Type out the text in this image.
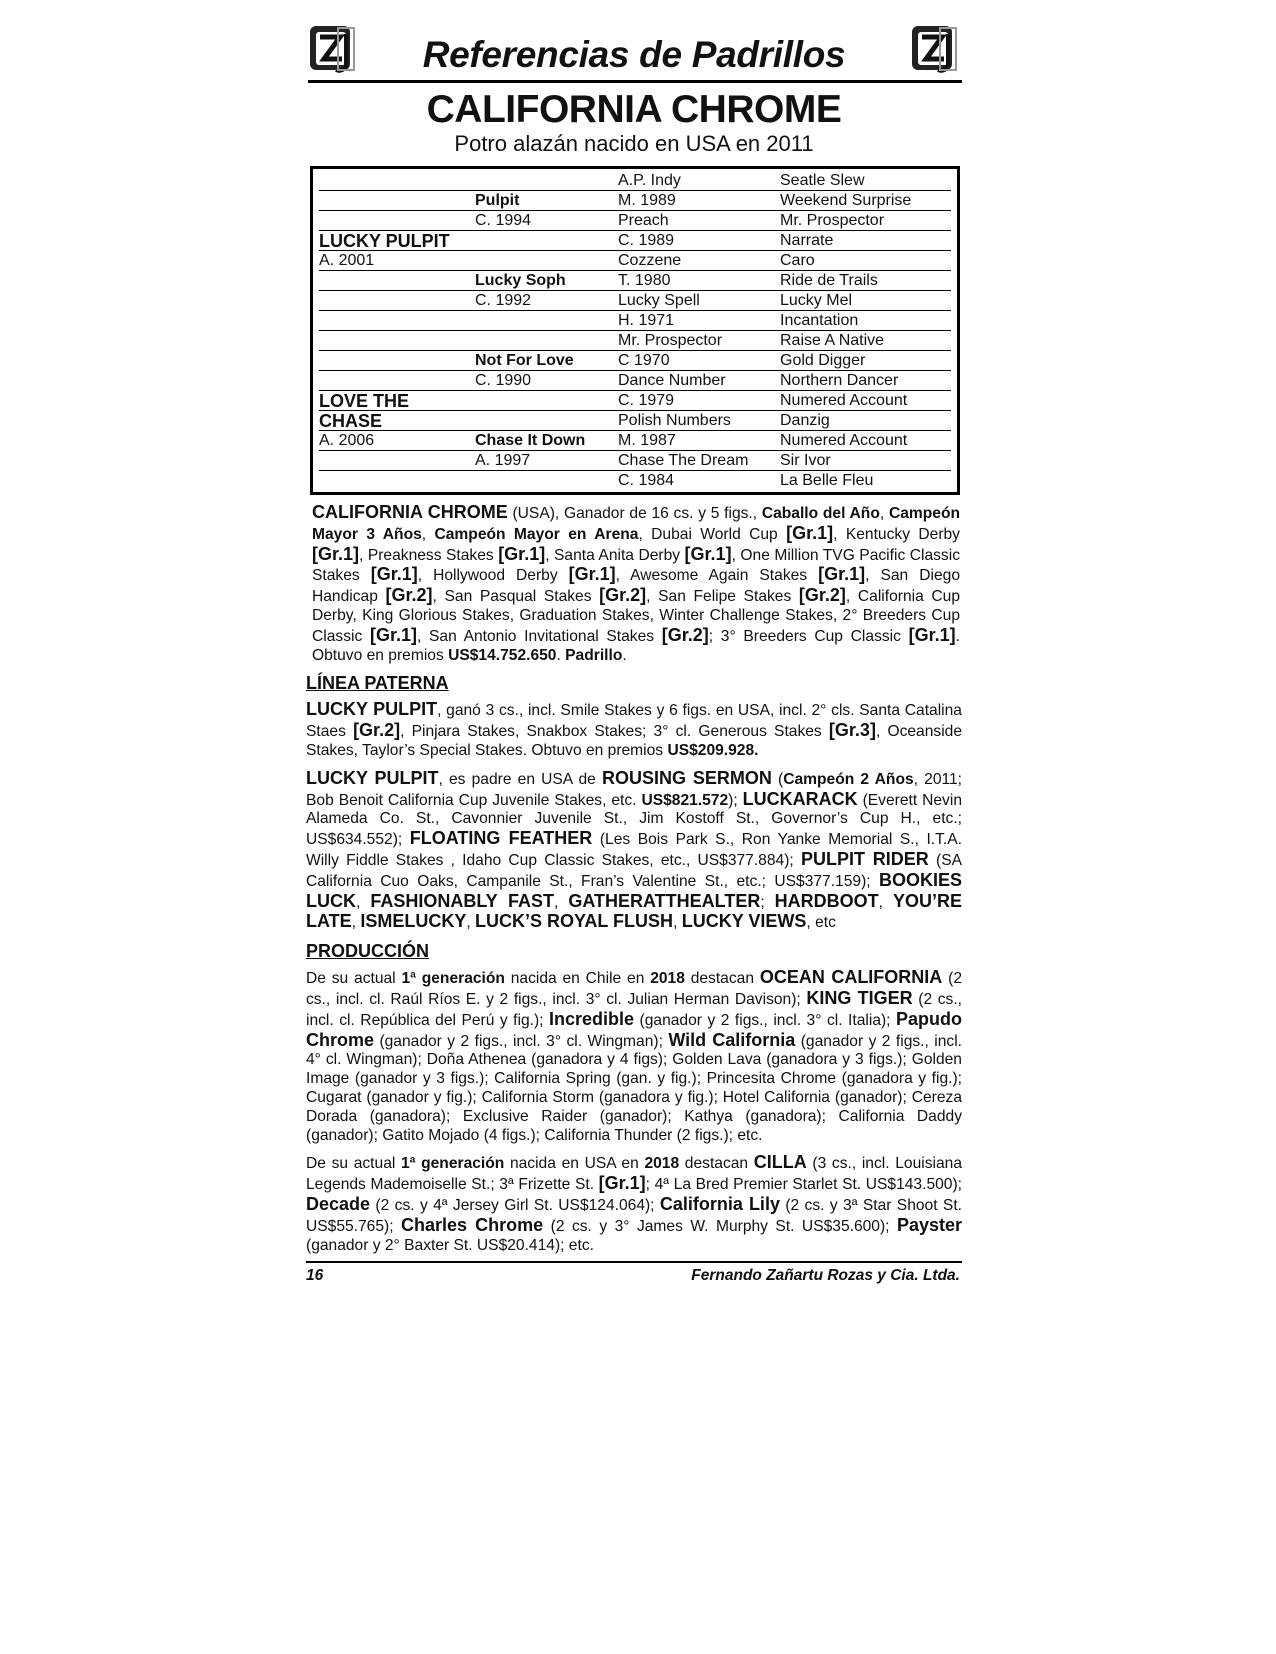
Referencias de Padrillos
CALIFORNIA CHROME
Potro alazán nacido en USA en 2011
		A.P. Indy	Seatle Slew
	Pulpit	M. 1989	Weekend Surprise
	C. 1994	Preach	Mr. Prospector
LUCKY PULPIT		C. 1989	Narrate
A. 2001		Cozzene	Caro
	Lucky Soph	T. 1980	Ride de Trails
	C. 1992	Lucky Spell	Lucky Mel
		H. 1971	Incantation
		Mr. Prospector	Raise A Native
	Not For Love	C 1970	Gold Digger
	C. 1990	Dance Number	Northern Dancer
LOVE THE		C. 1979	Numered Account
CHASE		Polish Numbers	Danzig
A. 2006	Chase It Down	M. 1987	Numered Account
	A. 1997	Chase The Dream	Sir Ivor
		C. 1984	La Belle Fleu

CALIFORNIA CHROME (USA), Ganador de 16 cs. y 5 figs., Caballo del Año, Campeón Mayor 3 Años, Campeón Mayor en Arena, Dubai World Cup [Gr.1], Kentucky Derby [Gr.1], Preakness Stakes [Gr.1], Santa Anita Derby [Gr.1], One Million TVG Pacific Classic Stakes [Gr.1], Hollywood Derby [Gr.1], Awesome Again Stakes [Gr.1], San Diego Handicap [Gr.2], San Pasqual Stakes [Gr.2], San Felipe Stakes [Gr.2], California Cup Derby, King Glorious Stakes, Graduation Stakes, Winter Challenge Stakes, 2° Breeders Cup Classic [Gr.1], San Antonio Invitational Stakes [Gr.2]; 3° Breeders Cup Classic [Gr.1]. Obtuvo en premios US$14.752.650. Padrillo.

LÍNEA PATERNA

LUCKY PULPIT, ganó 3 cs., incl. Smile Stakes y 6 figs. en USA, incl. 2° cls. Santa Catalina Staes [Gr.2], Pinjara Stakes, Snakbox Stakes; 3° cl. Generous Stakes [Gr.3], Oceanside Stakes, Taylor’s Special Stakes. Obtuvo en premios US$209.928.

LUCKY PULPIT, es padre en USA de ROUSING SERMON (Campeón 2 Años, 2011; Bob Benoit California Cup Juvenile Stakes, etc. US$821.572); LUCKARACK (Everett Nevin Alameda Co. St., Cavonnier Juvenile St., Jim Kostoff St., Governor’s Cup H., etc.; US$634.552); FLOATING FEATHER (Les Bois Park S., Ron Yanke Memorial S., I.T.A. Willy Fiddle Stakes , Idaho Cup Classic Stakes, etc., US$377.884); PULPIT RIDER (SA California Cuo Oaks, Campanile St., Fran’s Valentine St., etc.; US$377.159); BOOKIES LUCK, FASHIONABLY FAST, GATHERATTHEALTER; HARDBOOT, YOU’RE LATE, ISMELUCKY, LUCK’S ROYAL FLUSH, LUCKY VIEWS, etc

PRODUCCIÓN

De su actual 1ª generación nacida en Chile en 2018 destacan OCEAN CALIFORNIA (2 cs., incl. cl. Raúl Ríos E. y 2 figs., incl. 3° cl. Julian Herman Davison); KING TIGER (2 cs., incl. cl. República del Perú y fig.); Incredible (ganador y 2 figs., incl. 3° cl. Italia); Papudo Chrome (ganador y 2 figs., incl. 3° cl. Wingman); Wild California (ganador y 2 figs., incl. 4° cl. Wingman); Doña Athenea (ganadora y 4 figs); Golden Lava (ganadora y 3 figs.); Golden Image (ganador y 3 figs.); California Spring (gan. y fig.); Princesita Chrome (ganadora y fig.); Cugarat (ganador y fig.); California Storm (ganadora y fig.); Hotel California (ganador); Cereza Dorada (ganadora); Exclusive Raider (ganador); Kathya (ganadora); California Daddy (ganador); Gatito Mojado (4 figs.); California Thunder (2 figs.); etc.

De su actual 1ª generación nacida en USA en 2018 destacan CILLA (3 cs., incl. Louisiana Legends Mademoiselle St.; 3ª Frizette St. [Gr.1]; 4ª La Bred Premier Starlet St. US$143.500); Decade (2 cs. y 4ª Jersey Girl St. US$124.064); California Lily (2 cs. y 3ª Star Shoot St. US$55.765); Charles Chrome (2 cs. y 3° James W. Murphy St. US$35.600); Payster (ganador y 2° Baxter St. US$20.414); etc.

16	Fernando Zañartu Rozas y Cia. Ltda.
